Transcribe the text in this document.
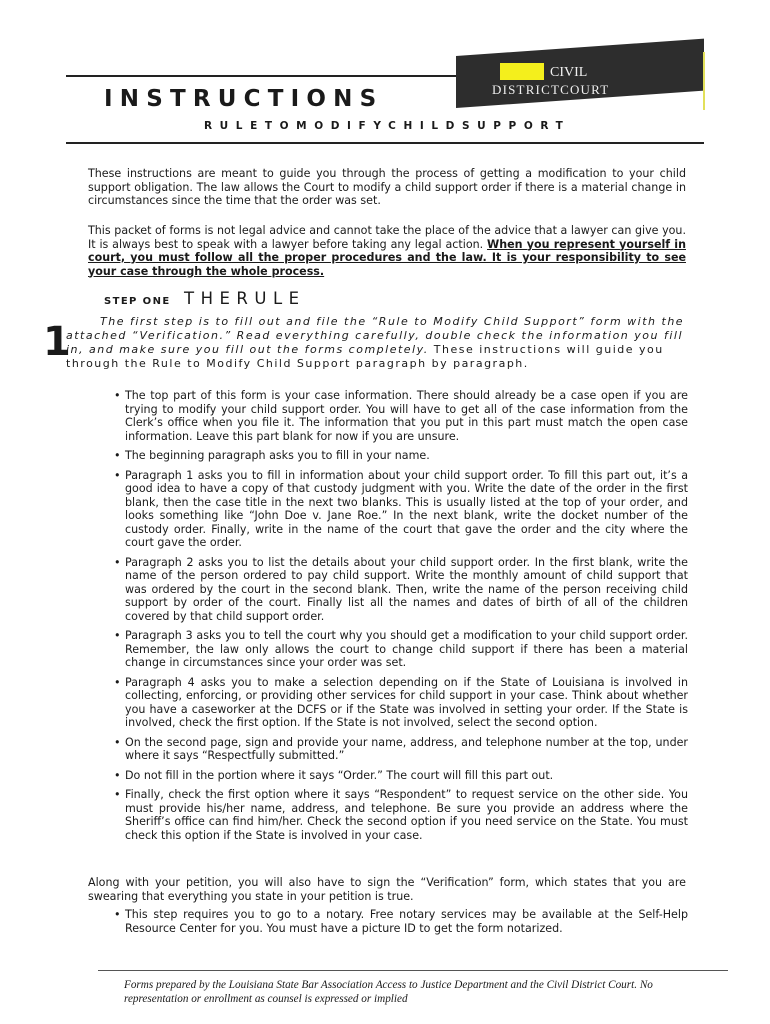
INSTRUCTIONS
RULETOMODIFYCHILDSUPPORT
CIVIL
DISTRICTCOURT

These instructions are meant to guide you through the process of getting a modification to your child support obligation. The law allows the Court to modify a child support order if there is a material change in circumstances since the time that the order was set.

This packet of forms is not legal advice and cannot take the place of the advice that a lawyer can give you. It is always best to speak with a lawyer before taking any legal action. When you represent yourself in court, you must follow all the proper procedures and the law. It is your responsibility to see your case through the whole process.

STEP ONE THERULE
1	The first step is to fill out and file the “Rule to Modify Child Support” form with the attached “Verification.” Read everything carefully, double check the information you fill in, and make sure you fill out the forms completely. These instructions will guide you through the Rule to Modify Child Support paragraph by paragraph.

• The top part of this form is your case information. There should already be a case open if you are trying to modify your child support order. You will have to get all of the case information from the Clerk’s office when you file it. The information that you put in this part must match the open case information. Leave this part blank for now if you are unsure.
• The beginning paragraph asks you to fill in your name.
• Paragraph 1 asks you to fill in information about your child support order. To fill this part out, it’s a good idea to have a copy of that custody judgment with you. Write the date of the order in the first blank, then the case title in the next two blanks. This is usually listed at the top of your order, and looks something like “John Doe v. Jane Roe.” In the next blank, write the docket number of the custody order. Finally, write in the name of the court that gave the order and the city where the court gave the order.
• Paragraph 2 asks you to list the details about your child support order. In the first blank, write the name of the person ordered to pay child support. Write the monthly amount of child support that was ordered by the court in the second blank. Then, write the name of the person receiving child support by order of the court. Finally list all the names and dates of birth of all of the children covered by that child support order.
• Paragraph 3 asks you to tell the court why you should get a modification to your child support order. Remember, the law only allows the court to change child support if there has been a material change in circumstances since your order was set.
• Paragraph 4 asks you to make a selection depending on if the State of Louisiana is involved in collecting, enforcing, or providing other services for child support in your case. Think about whether you have a caseworker at the DCFS or if the State was involved in setting your order. If the State is involved, check the first option. If the State is not involved, select the second option.
• On the second page, sign and provide your name, address, and telephone number at the top, under where it says “Respectfully submitted.”
• Do not fill in the portion where it says “Order.” The court will fill this part out.
• Finally, check the first option where it says “Respondent” to request service on the other side. You must provide his/her name, address, and telephone. Be sure you provide an address where the Sheriff’s office can find him/her. Check the second option if you need service on the State. You must check this option if the State is involved in your case.

Along with your petition, you will also have to sign the “Verification” form, which states that you are swearing that everything you state in your petition is true.

• This step requires you to go to a notary. Free notary services may be available at the Self-Help Resource Center for you. You must have a picture ID to get the form notarized.
Forms prepared by the Louisiana State Bar Association Access to Justice Department and the Civil District Court. No representation or enrollment as counsel is expressed or implied
